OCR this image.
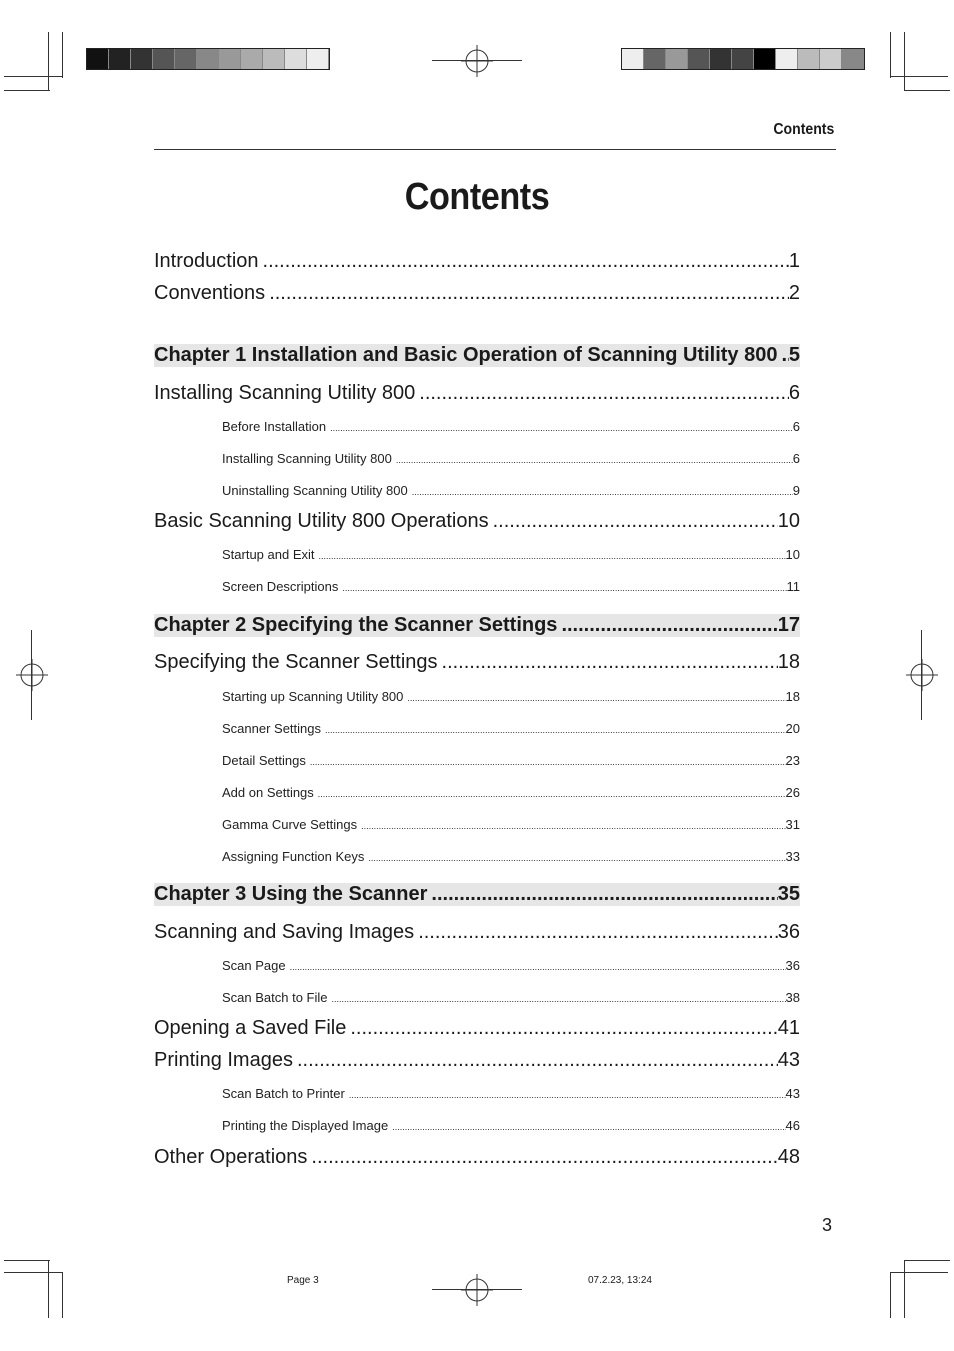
Contents
Contents
Introduction .....	1
Conventions .....	2
Chapter 1 Installation and Basic Operation of Scanning Utility 800 ..... 5
Installing Scanning Utility 800 .....	6
Before Installation .....	6
Installing Scanning Utility 800 .....	6
Uninstalling Scanning Utility 800 .....	9
Basic Scanning Utility 800 Operations .....	10
Startup and Exit .....	10
Screen Descriptions .....	11
Chapter 2 Specifying the Scanner Settings .....	17
Specifying the Scanner Settings .....	18
Starting up Scanning Utility 800 .....	18
Scanner Settings .....	20
Detail Settings .....	23
Add on Settings .....	26
Gamma Curve Settings .....	31
Assigning Function Keys .....	33
Chapter 3 Using the Scanner .....	35
Scanning and Saving Images .....	36
Scan Page .....	36
Scan Batch to File .....	38
Opening a Saved File .....	41
Printing Images .....	43
Scan Batch to Printer .....	43
Printing the Displayed Image .....	46
Other Operations .....	48
3
Page 3	07.2.23, 13:24
